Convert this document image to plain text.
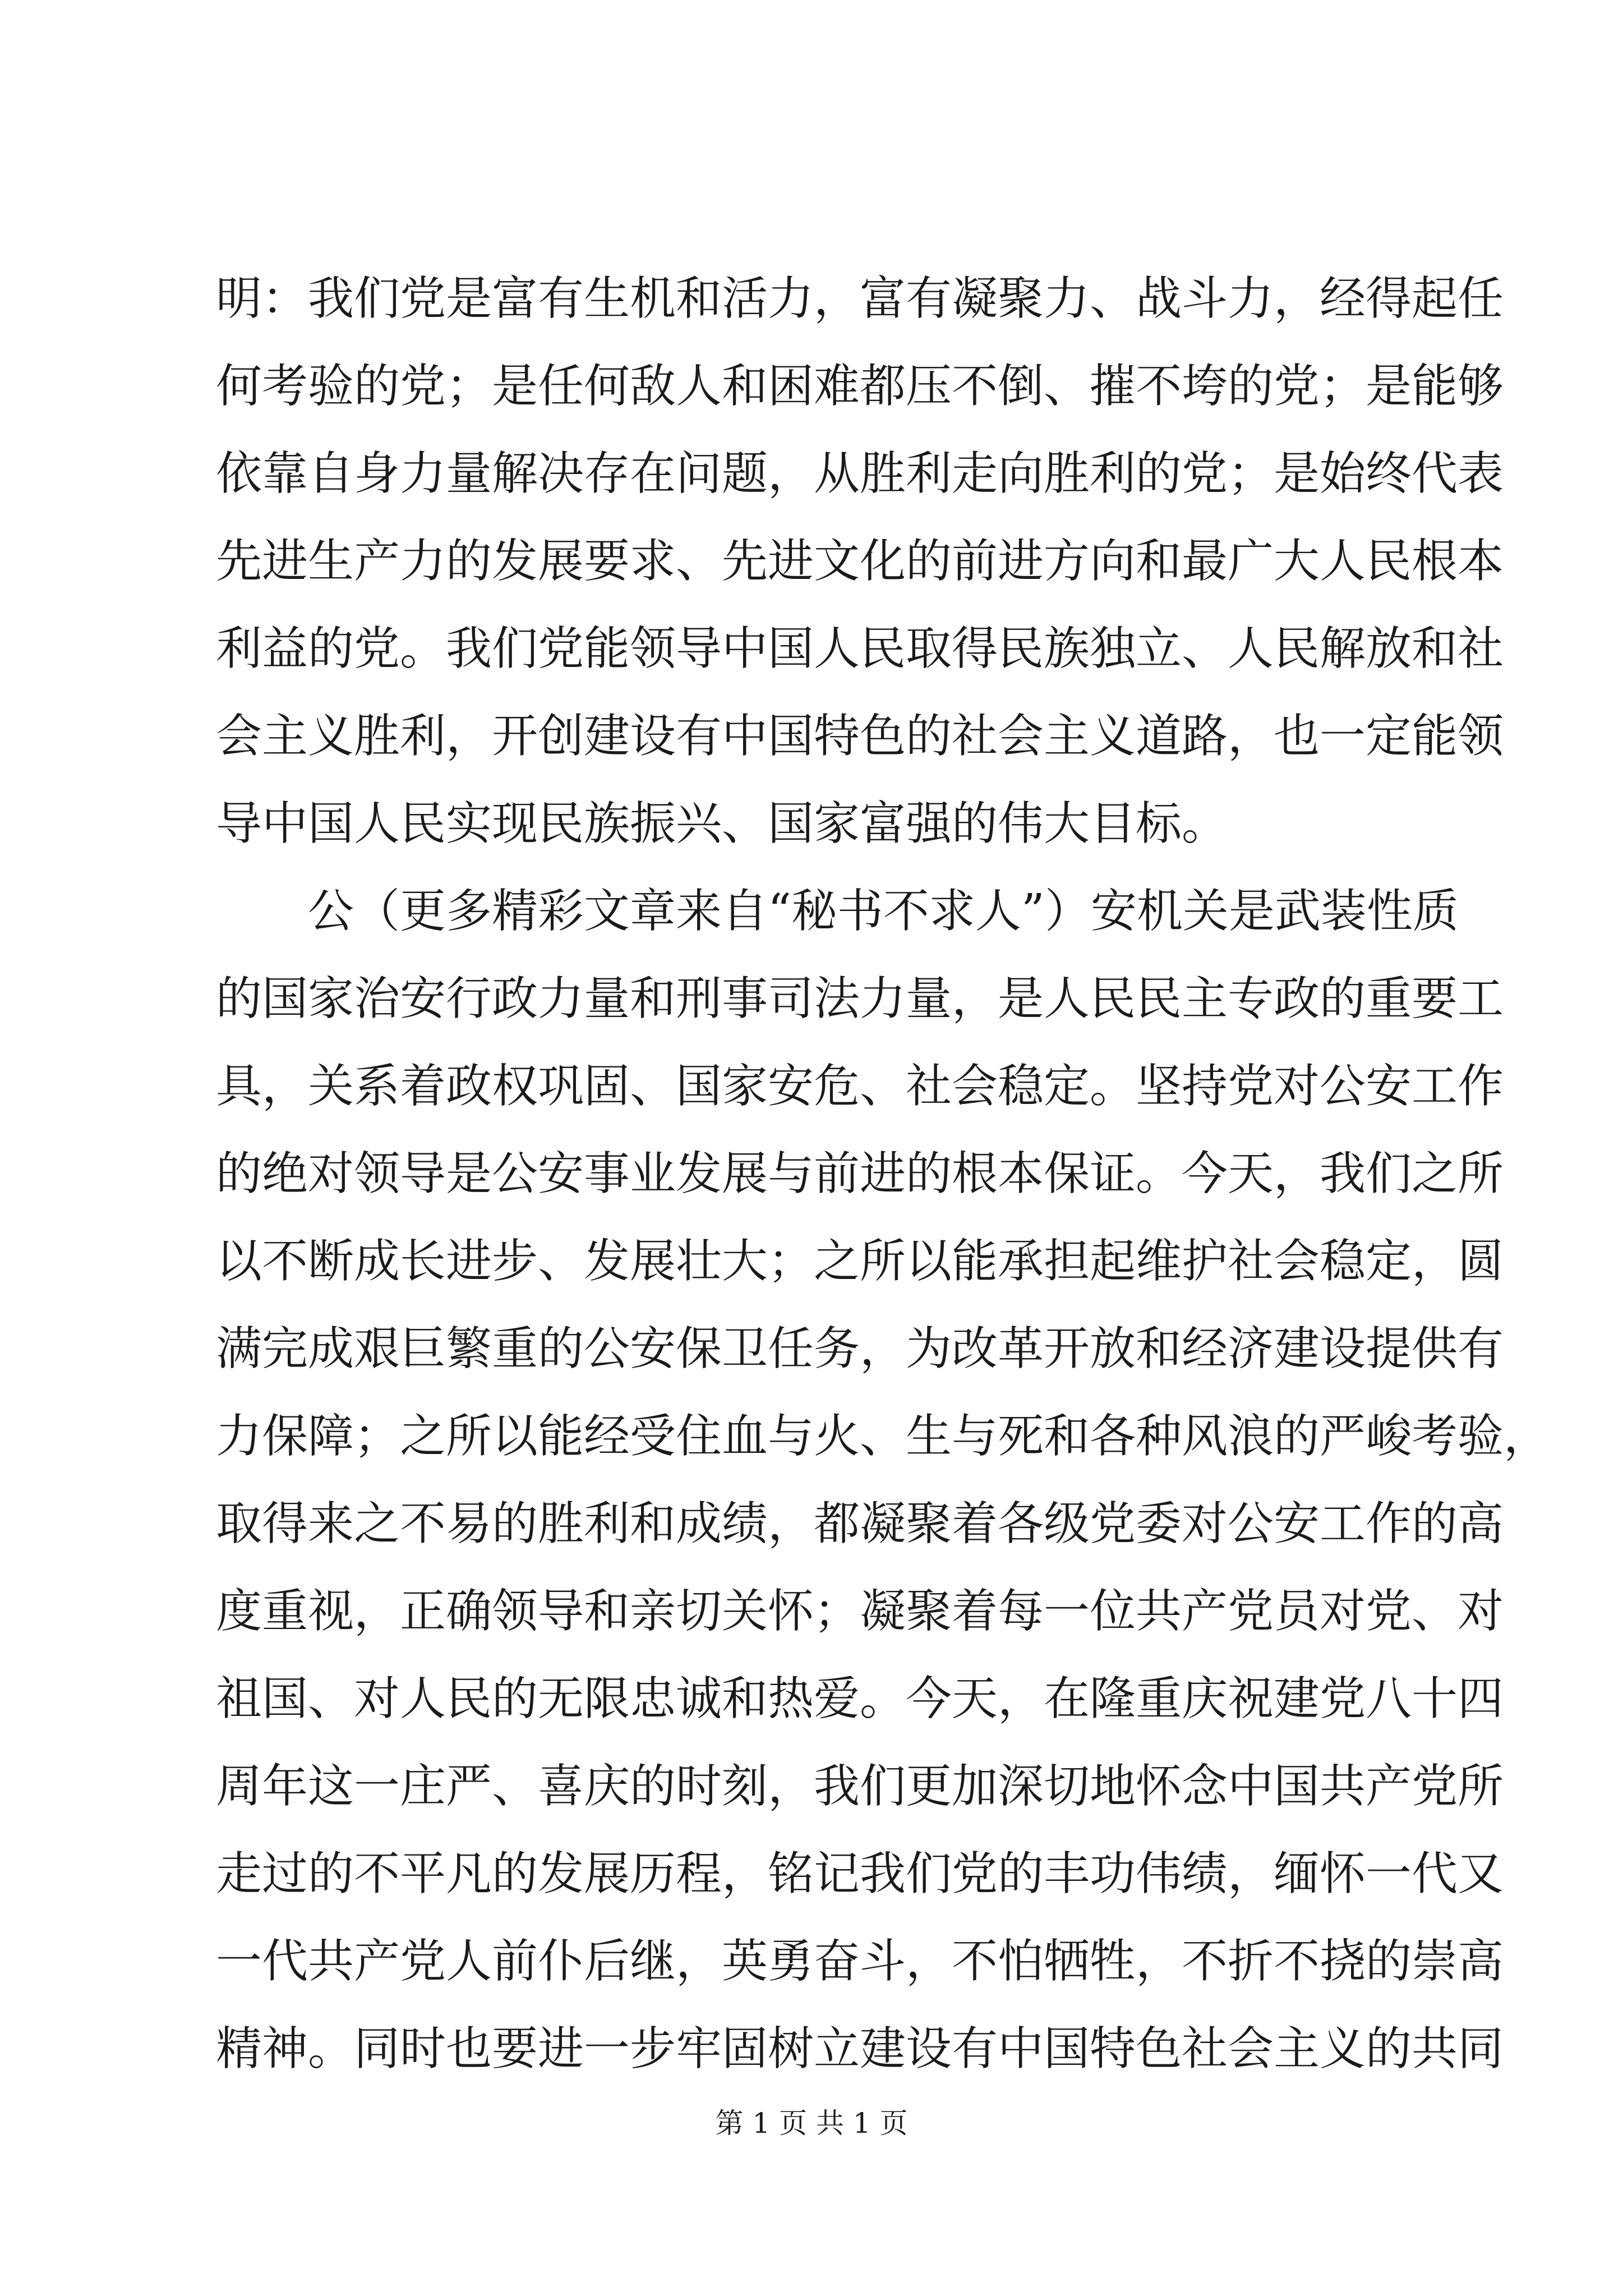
明：我们党是富有生机和活力，富有凝聚力、战斗力，经得起任
何考验的党；是任何敌人和困难都压不倒、摧不垮的党；是能够
依靠自身力量解决存在问题，从胜利走向胜利的党；是始终代表
先进生产力的发展要求、先进文化的前进方向和最广大人民根本
利益的党。我们党能领导中国人民取得民族独立、人民解放和社
会主义胜利，开创建设有中国特色的社会主义道路，也一定能领
导中国人民实现民族振兴、国家富强的伟大目标。
　　公（更多精彩文章来自“秘书不求人”）安机关是武装性质
的国家治安行政力量和刑事司法力量，是人民民主专政的重要工
具，关系着政权巩固、国家安危、社会稳定。坚持党对公安工作
的绝对领导是公安事业发展与前进的根本保证。今天，我们之所
以不断成长进步、发展壮大；之所以能承担起维护社会稳定，圆
满完成艰巨繁重的公安保卫任务，为改革开放和经济建设提供有
力保障；之所以能经受住血与火、生与死和各种风浪的严峻考验，
取得来之不易的胜利和成绩，都凝聚着各级党委对公安工作的高
度重视，正确领导和亲切关怀；凝聚着每一位共产党员对党、对
祖国、对人民的无限忠诚和热爱。今天，在隆重庆祝建党八十四
周年这一庄严、喜庆的时刻，我们更加深切地怀念中国共产党所
走过的不平凡的发展历程，铭记我们党的丰功伟绩，缅怀一代又
一代共产党人前仆后继，英勇奋斗，不怕牺牲，不折不挠的崇高
精神。同时也要进一步牢固树立建设有中国特色社会主义的共同
第 1 页 共 1 页
